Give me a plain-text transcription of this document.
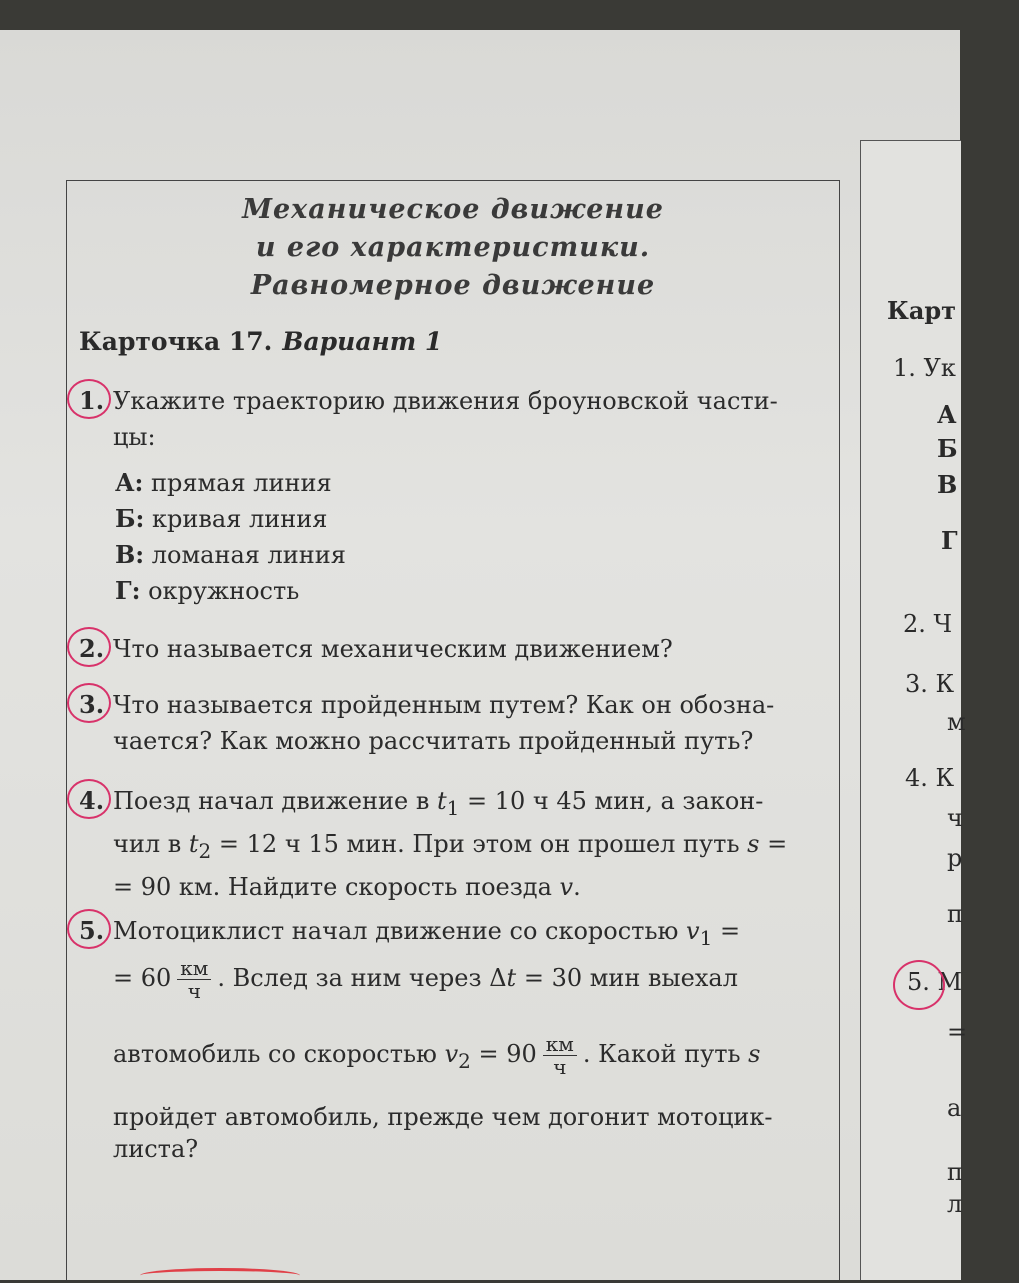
Карт
1. Ук
А
Б
В
Г
2. Ч
3. К
м
4. К
ч
р
п
5. М
=
а
п
л
Механическое движение
и его характеристики.
Равномерное движение
Карточка 17. Вариант 1
1. Укажите траекторию движения броуновской части-
цы:
А: прямая линия
Б: кривая линия
В: ломаная линия
Г: окружность
2. Что называется механическим движением?
3. Что называется пройденным путем? Как он обозна-
чается? Как можно рассчитать пройденный путь?
4. Поезд начал движение в $t_1 = 10$ ч 45 мин, а закон-
чил в $t_2 = 12$ ч 15 мин. При этом он прошел путь s =
= 90 км. Найдите скорость поезда v.
5. Мотоциклист начал движение со скоростью $v_1$ =
= $60 \frac{км}{ч}$ . Вслед за ним через Δt = 30 мин выехал
автомобиль со скоростью $v_2 = 90 \frac{км}{ч}$ . Какой путь s
пройдет автомобиль, прежде чем догонит мотоцик-
листа?
